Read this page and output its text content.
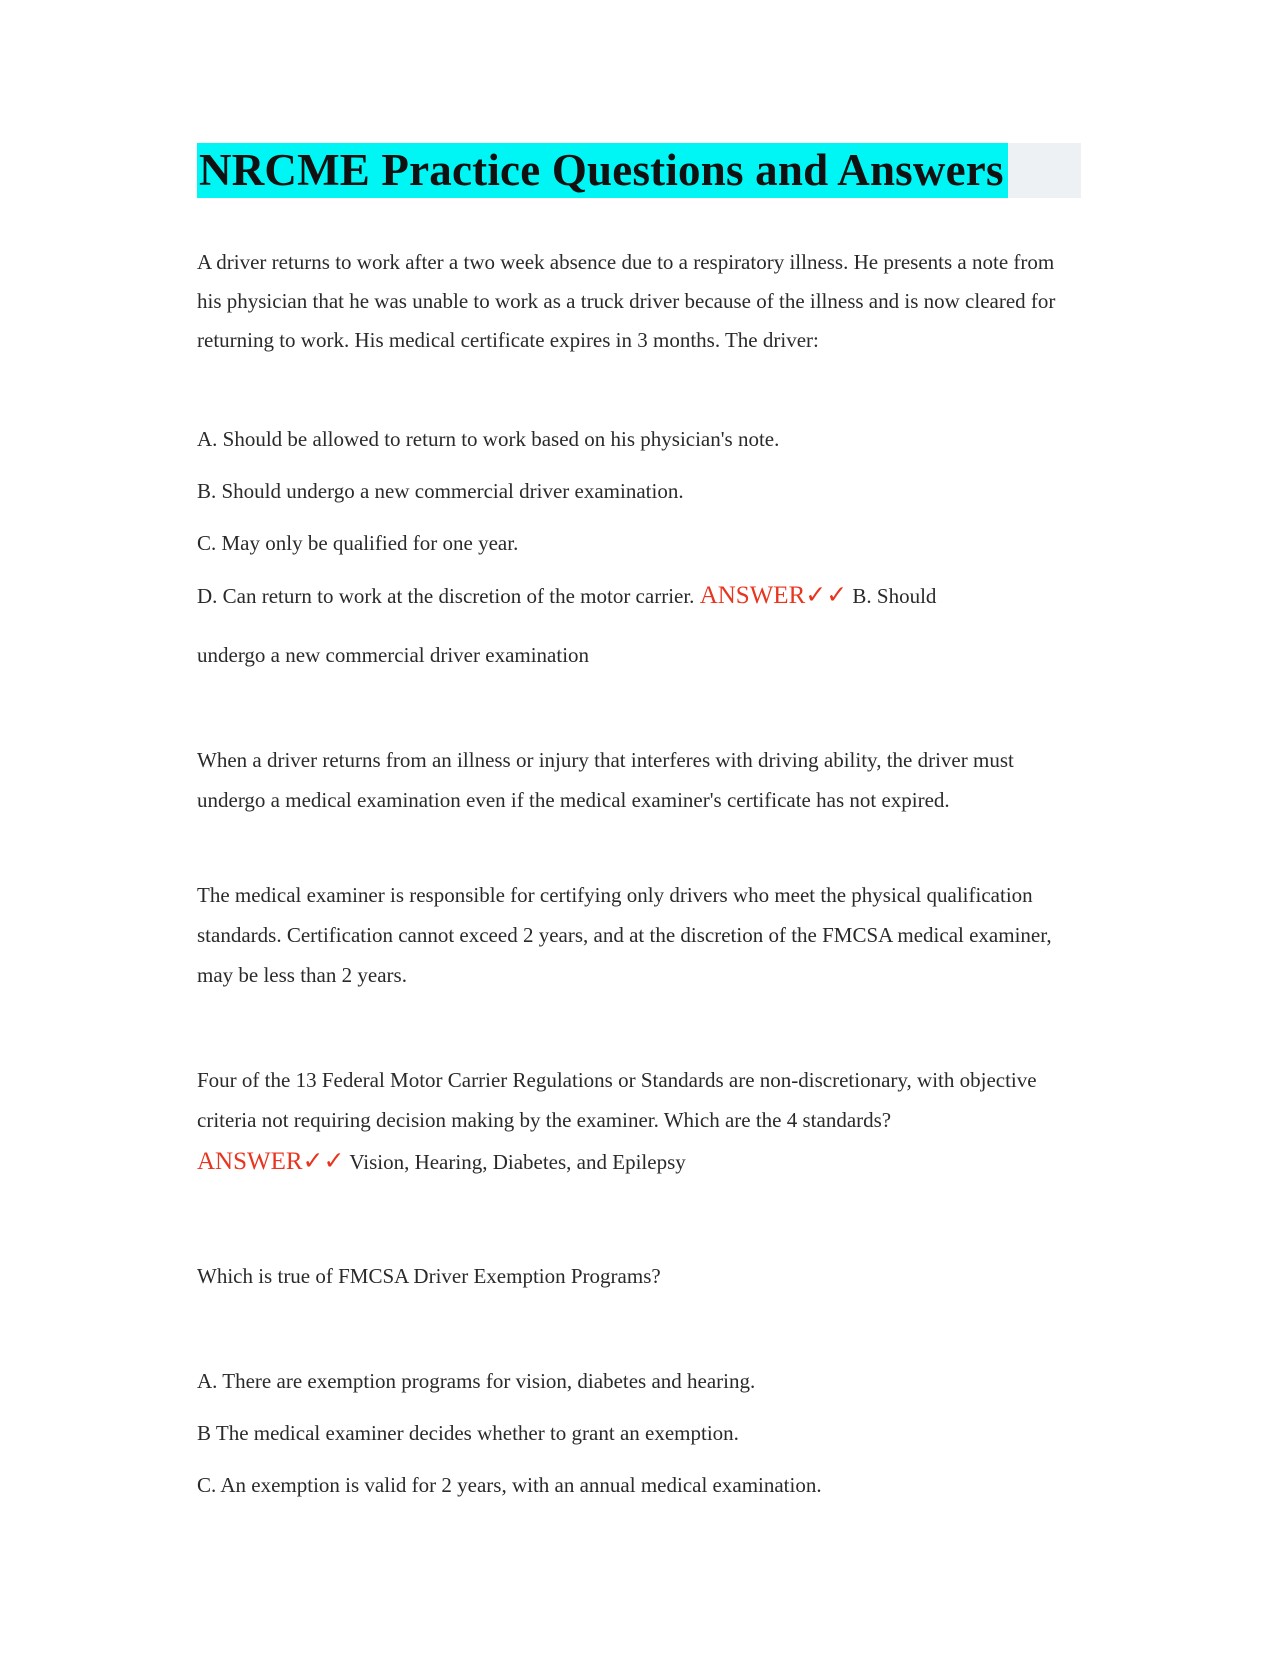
NRCME Practice Questions and Answers

A driver returns to work after a two week absence due to a respiratory illness. He presents a note from his physician that he was unable to work as a truck driver because of the illness and is now cleared for returning to work. His medical certificate expires in 3 months. The driver:

A. Should be allowed to return to work based on his physician's note.
B. Should undergo a new commercial driver examination.
C. May only be qualified for one year.
D. Can return to work at the discretion of the motor carrier. ANSWER✓✓ B. Should
undergo a new commercial driver examination

When a driver returns from an illness or injury that interferes with driving ability, the driver must undergo a medical examination even if the medical examiner's certificate has not expired.

The medical examiner is responsible for certifying only drivers who meet the physical qualification standards. Certification cannot exceed 2 years, and at the discretion of the FMCSA medical examiner, may be less than 2 years.

Four of the 13 Federal Motor Carrier Regulations or Standards are non-discretionary, with objective criteria not requiring decision making by the examiner. Which are the 4 standards?

ANSWER✓✓ Vision, Hearing, Diabetes, and Epilepsy
Which is true of FMCSA Driver Exemption Programs?
A. There are exemption programs for vision, diabetes and hearing.
B The medical examiner decides whether to grant an exemption.
C. An exemption is valid for 2 years, with an annual medical examination.
